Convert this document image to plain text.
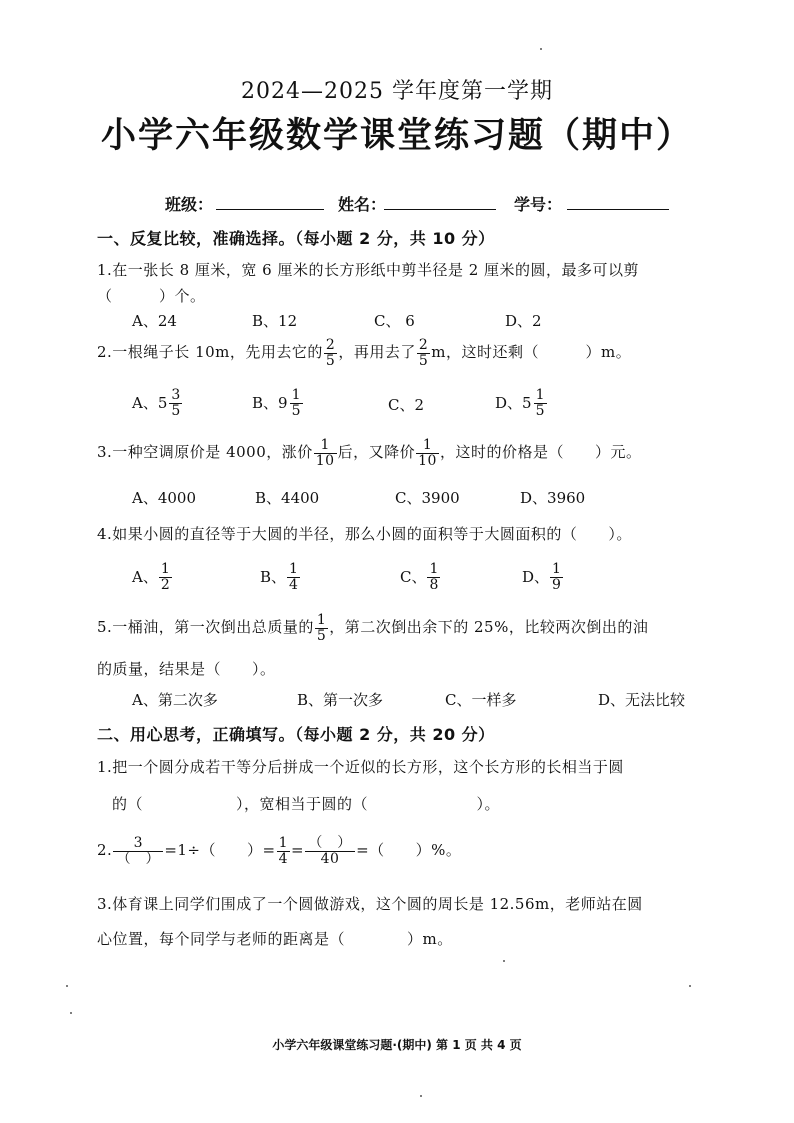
2024—2025 学年度第一学期
小学六年级数学课堂练习题（期中）
班级：	姓名：	学号：
一、反复比较，准确选择。（每小题 2 分，共 10 分）
1.在一张长 8 厘米，宽 6 厘米的长方形纸中剪半径是 2 厘米的圆，最多可以剪
（　　　）个。
A、24	B、12	C、 6	D、2
2.一根绳子长 10m，先用去它的 $\frac{2}{5}$ ，再用去了 $\frac{2}{5}$ m，这时还剩（　　　）m。
A、 $5 \frac{3}{5}$	B、 $9 \frac{1}{5}$	C、2	D、 $5 \frac{1}{5}$
3.一种空调原价是 4000，涨价 $\frac{1}{10}$ 后，又降价 $\frac{1}{10}$ ，这时的价格是（　　）元。
A、4000	B、4400	C、3900	D、3960
4.如果小圆的直径等于大圆的半径，那么小圆的面积等于大圆面积的（　　）。
A、 $\frac{1}{2}$	B、 $\frac{1}{4}$	C、 $\frac{1}{8}$	D、 $\frac{1}{9}$
5.一桶油，第一次倒出总质量的 $\frac{1}{5}$ ，第二次倒出余下的 25%，比较两次倒出的油
的质量，结果是（　　）。
A、第二次多	B、第一次多	C、一样多	D、无法比较
二、用心思考，正确填写。（每小题 2 分，共 20 分）
1.把一个圆分成若干等分后拼成一个近似的长方形，这个长方形的长相当于圆
的（　　　　　　），宽相当于圆的（　　　　　　　）。
2. $\frac{3}{( )} =1\div$（　　）= $\frac{1}{4} = \frac{( )}{40}$ =（　　）%。
3.体育课上同学们围成了一个圆做游戏，这个圆的周长是 12.56m，老师站在圆
心位置，每个同学与老师的距离是（　　　　）m。
小学六年级课堂练习题·(期中) 第 1 页 共 4 页
